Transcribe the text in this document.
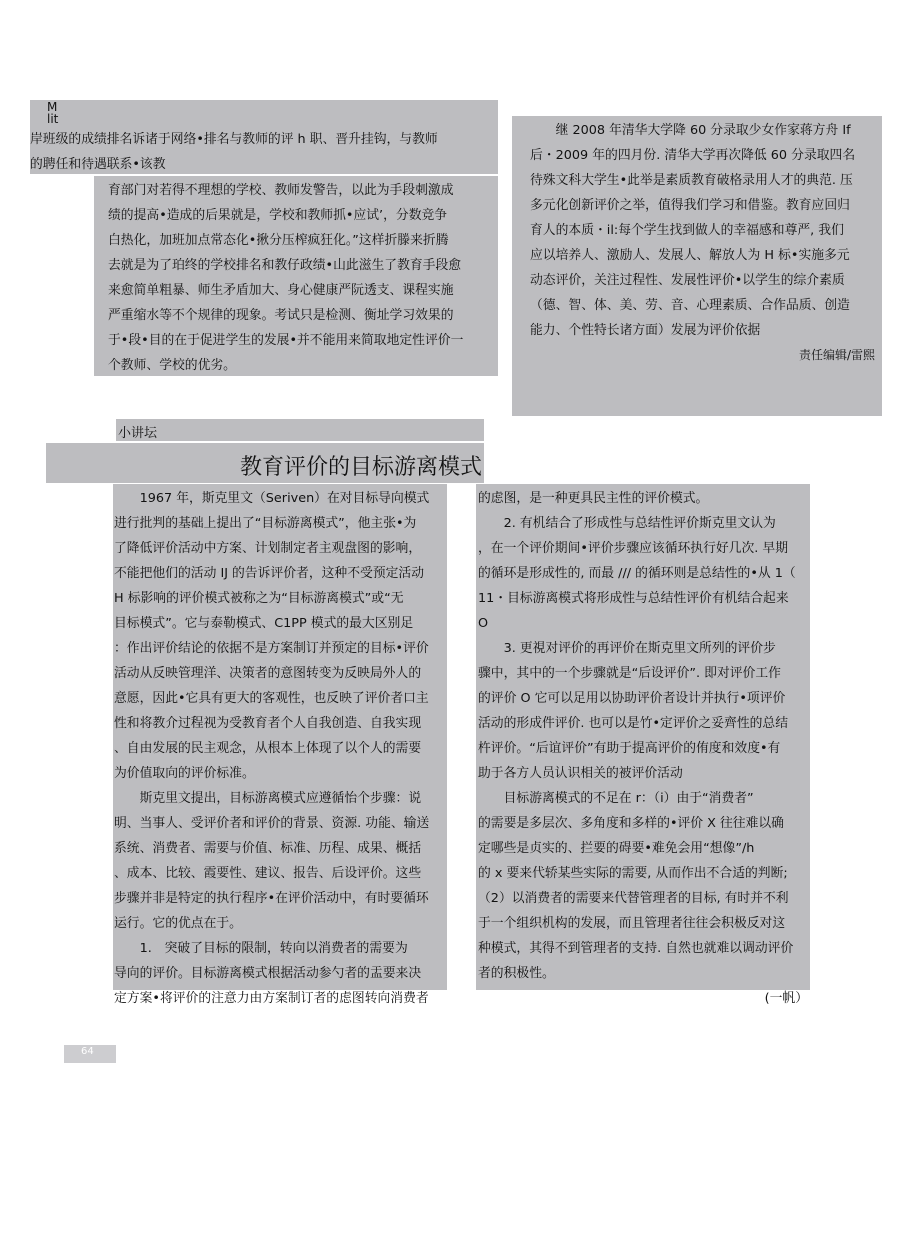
M
lit
岸班级的成绩排名诉诸于网络•排名与教师的评 h 职、晋升挂钩，与教师
的聘任和待遇联系•该教
育部门对若得不理想的学校、教师发警告，以此为手段刺激成
绩的提高•造成的后果就是，学校和教师抓•应试’，分数竞争
白热化，加班加点常态化•揪分压榨疯狂化。”这样折滕来折腾
去就是为了珀终的学校排名和教仔政绩•山此滋生了教育手段愈
来愈简单粗暴、师生矛盾加大、身心健康严阮透支、课程实施
严重缩水等不个规律的现象。考试只是检测、衡址学习效果的
于•段•目的在于促进学生的发展•并不能用来简取地定性评价一
个教师、学校的优劣。
继 2008 年清华大学降 60 分录取少女作家蒋方舟 If
后・2009 年的四月份. 清华大学再次降低 60 分录取四名
待殊文科大学生•此举是素质教育破格录用人才的典范. 压
多元化创新评价之举，值得我们学习和借鉴。教育应回归
育人的本质・il:每个学生找到做人的幸福感和尊严, 我们
应以培养人、激励人、发展人、解放人为 H 标•实施多元
动态评价，关注过程性、发展性评价•以学生的综介素质
（德、智、体、美、劳、音、心理素质、合作品质、创造
能力、个性特长诸方面）发展为评价依据
责任编辑/雷熙
小讲坛
教育评价的目标游离模式
1967 年，斯克里文（Seriven）在对目标导向模式
进行批判的基础上提出了“目标游离模式”，他主张•为
了降低评价活动中方案、计划制定者主观盘图的影响，
不能把他们的活动 IJ 的告诉评价者，这种不受预定活动
H 标影响的评价模式被称之为“目标游离模式”或“无
目标模式”。它与泰勒模式、C1PP 模式的最大区别足
：作出评价结论的依据不是方案制订并预定的目标•评价
活动从反映管理洋、决策者的意图转变为反映局外人的
意愿，因此•它具有更大的客观性，也反映了评价者口主
性和将教介过程视为受教育者个人自我创造、自我实现
、自由发展的民主观念，从根本上体现了以个人的需要
为价值取向的评价标准。
斯克里文提出，目标游离模式应遵循怡个步骤：说
明、当事人、受评价者和评价的背景、资源. 功能、输送
系统、消费者、需要与价值、标准、历程、成果、概括
、成本、比较、霞要性、建议、报告、后设评价。这些
步骤并非是特定的执行程序•在评价活动中，有时要循环
运行。它的优点在于。
1.　突破了目标的限制，转向以消费者的需要为
导向的评价。目标游离模式根据活动参勺者的盂要来决
定方案•将评价的注意力由方案制订者的虑图转向消费者
的虑图，是一种更具民主性的评价模式。
2. 有机结合了形成性与总结性评价斯克里文认为
，在一个评价期间•评价步骤应该循环执行好几次. 早期
的循环是形成性的, 而最 /// 的循环则是总结性的•从 1（
11・目标游离模式将形成性与总结性评价有机结合起来
O
3. 更視对评价的再评价在斯克里文所列的评价步
骤中，其中的一个步骤就是“后设评价”. 即对评价工作
的评价 O 它可以足用以协助评价者设计并执行•项评价
活动的形成件评价. 也可以是竹•定评价之妥齊性的总结
杵评价。“后谊评价”有助于提高评价的侑度和效度•有
助于各方人员认识相关的被评价活动
目标游离模式的不足在 r：（i）由于“消费者”
的需要是多层次、多角度和多样的•评价 X 往往难以确
定哪些是贞实的、拦要的碍要•难免会用“想像”/h
的 x 要来代轿某些实际的需要, 从而作出不合适的判断;
（2）以消费者的需要来代替管理者的目标, 有时并不利
于一个组织机构的发展，而且管理者往往会积极反对这
种模式，其得不到管理者的支持. 自然也就难以调动评价
者的积极性。
(一帆）
64
